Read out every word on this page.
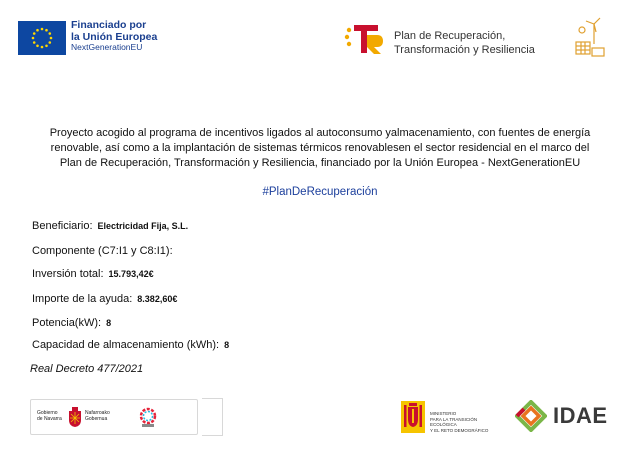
Financiado por
la Unión Europea
NextGenerationEU
Plan de Recuperación,
Transformación y Resiliencia
Proyecto acogido al programa de incentivos ligados al autoconsumo yalmacenamiento, con fuentes de energía
renovable, así como a la implantación de sistemas térmicos renovablesen el sector residencial en el marco del
Plan de Recuperación, Transformación y Resiliencia, financiado por la Unión Europea - NextGenerationEU
#PlanDeRecuperación
Beneficiario: Electricidad Fija, S.L.
Componente (C7:I1 y C8:I1):
Inversión total: 15.793,42€
Importe de la ayuda: 8.382,60€
Potencia(kW): 8
Capacidad de almacenamiento (kWh): 8
Real Decreto 477/2021
Gobierno
de Navarra
Nafarroako
Gobernua
MINISTERIO
PARA LA TRANSICIÓN ECOLÓGICA
Y EL RETO DEMOGRÁFICO
IDAE
